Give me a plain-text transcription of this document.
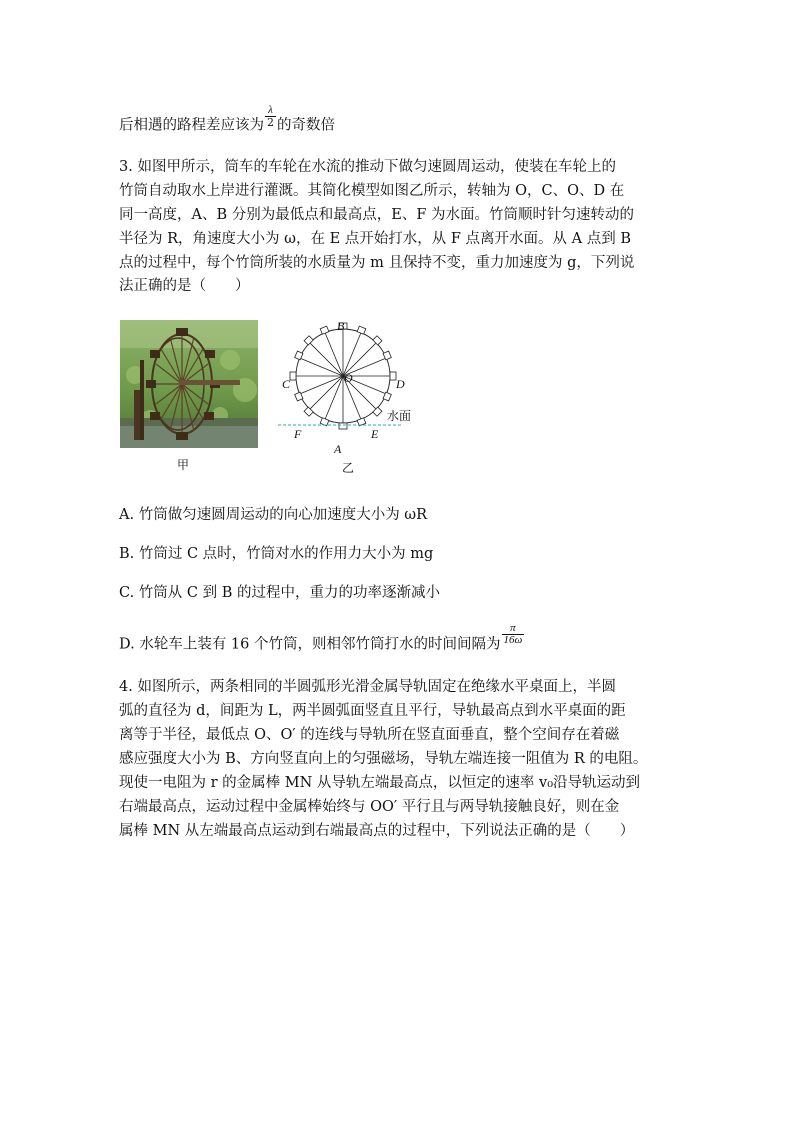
后相遇的路程差应该为 $\frac{\lambda}{2}$ 的奇数倍
3. 如图甲所示，筒车的车轮在水流的推动下做匀速圆周运动，使装在车轮上的
竹筒自动取水上岸进行灌溉。其简化模型如图乙所示，转轴为 O，C、O、D 在
同一高度，A、B 分别为最低点和最高点，E、F 为水面。竹筒顺时针匀速转动的
半径为 R，角速度大小为 ω，在 E 点开始打水，从 F 点离开水面。从 A 点到 B
点的过程中，每个竹筒所装的水质量为 m 且保持不变，重力加速度为 g，下列说
法正确的是（　　）
甲
B
C	D
O
A
E
F
水面
乙
A. 竹筒做匀速圆周运动的向心加速度大小为 ωR
B. 竹筒过 C 点时，竹筒对水的作用力大小为 mg
C. 竹筒从 C 到 B 的过程中，重力的功率逐渐减小
D. 水轮车上装有 16 个竹筒，则相邻竹筒打水的时间间隔为 $\frac{\pi}{16\omega}$
4. 如图所示，两条相同的半圆弧形光滑金属导轨固定在绝缘水平桌面上，半圆
弧的直径为 d，间距为 L，两半圆弧面竖直且平行，导轨最高点到水平桌面的距
离等于半径，最低点 O、O′ 的连线与导轨所在竖直面垂直，整个空间存在着磁
感应强度大小为 B、方向竖直向上的匀强磁场，导轨左端连接一阻值为 R 的电阻。
现使一电阻为 r 的金属棒 MN 从导轨左端最高点，以恒定的速率 v₀沿导轨运动到
右端最高点，运动过程中金属棒始终与 OO′ 平行且与两导轨接触良好，则在金
属棒 MN 从左端最高点运动到右端最高点的过程中，下列说法正确的是（　　）
